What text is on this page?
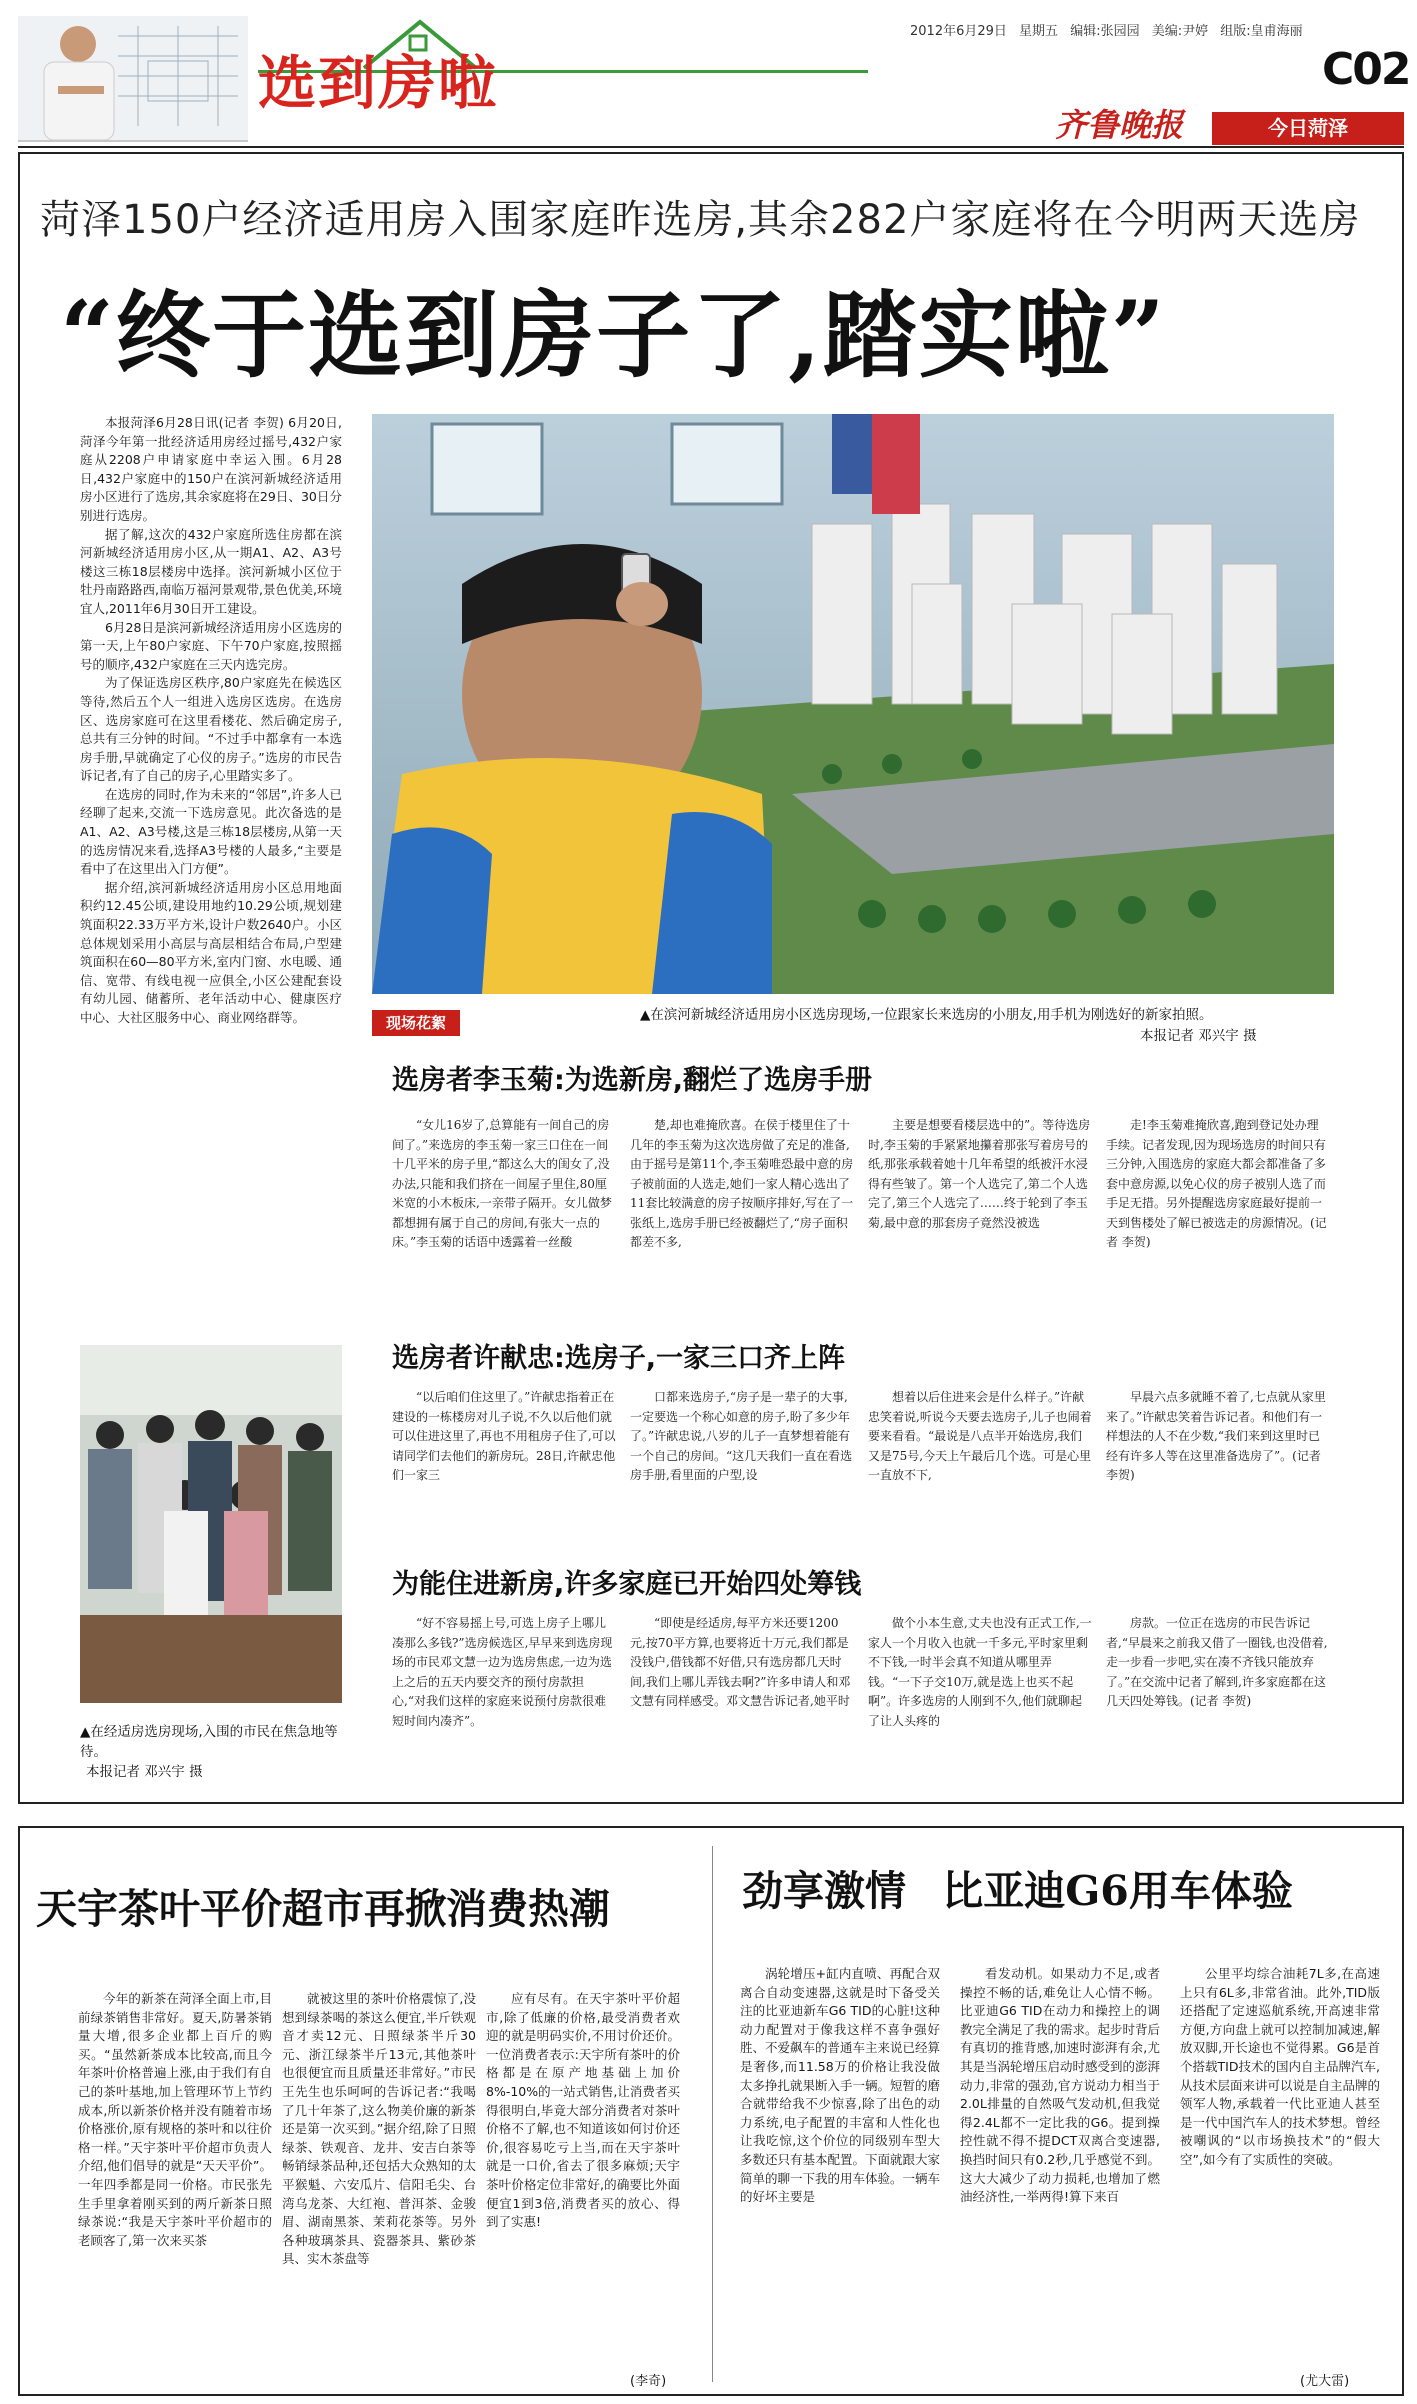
选到房啦
2012年6月29日 星期五 编辑:张园园 美编:尹婷 组版:皇甫海丽
C02
齐鲁晚报	今日菏泽
菏泽150户经济适用房入围家庭昨选房,其余282户家庭将在今明两天选房
“终于选到房子了,踏实啦”

本报菏泽6月28日讯(记者 李贺) 6月20日,菏泽今年第一批经济适用房经过摇号,432户家庭从2208户申请家庭中幸运入围。6月28日,432户家庭中的150户在滨河新城经济适用房小区进行了选房,其余家庭将在29日、30日分别进行选房。

据了解,这次的432户家庭所选住房都在滨河新城经济适用房小区,从一期A1、A2、A3号楼这三栋18层楼房中选择。滨河新城小区位于牡丹南路路西,南临万福河景观带,景色优美,环境宜人,2011年6月30日开工建设。

6月28日是滨河新城经济适用房小区选房的第一天,上午80户家庭、下午70户家庭,按照摇号的顺序,432户家庭在三天内选完房。

为了保证选房区秩序,80户家庭先在候选区等待,然后五个人一组进入选房区选房。在选房区、选房家庭可在这里看楼花、然后确定房子,总共有三分钟的时间。“不过手中都拿有一本选房手册,早就确定了心仪的房子。”选房的市民告诉记者,有了自己的房子,心里踏实多了。

在选房的同时,作为未来的“邻居”,许多人已经聊了起来,交流一下选房意见。此次备选的是A1、A2、A3号楼,这是三栋18层楼房,从第一天的选房情况来看,选择A3号楼的人最多,“主要是看中了在这里出入门方便”。

据介绍,滨河新城经济适用房小区总用地面积约12.45公顷,建设用地约10.29公顷,规划建筑面积22.33万平方米,设计户数2640户。小区总体规划采用小高层与高层相结合布局,户型建筑面积在60—80平方米,室内门窗、水电暖、通信、宽带、有线电视一应俱全,小区公建配套设有幼儿园、储蓄所、老年活动中心、健康医疗中心、大社区服务中心、商业网络群等。	现场花絮	▲在滨河新城经济适用房小区选房现场,一位跟家长来选房的小朋友,用手机为刚选好的新家拍照。
本报记者 邓兴宇 摄
选房者李玉菊:为选新房,翻烂了选房手册

“女儿16岁了,总算能有一间自己的房间了。”来选房的李玉菊一家三口住在一间十几平米的房子里,“都这么大的闺女了,没办法,只能和我们挤在一间屋子里住,80厘米宽的小木板床,一亲带子隔开。女儿做梦都想拥有属于自己的房间,有张大一点的床。”李玉菊的话语中透露着一丝酸

楚,却也难掩欣喜。在侯于楼里住了十几年的李玉菊为这次选房做了充足的准备,由于摇号是第11个,李玉菊唯恐最中意的房子被前面的人选走,她们一家人精心选出了11套比较满意的房子按顺序排好,写在了一张纸上,选房手册已经被翻烂了,“房子面积都差不多,

主要是想要看楼层选中的”。等待选房时,李玉菊的手紧紧地攥着那张写着房号的纸,那张承载着她十几年希望的纸被汗水浸得有些皱了。第一个人选完了,第二个人选完了,第三个人选完了……终于轮到了李玉菊,最中意的那套房子竟然没被选

走!李玉菊难掩欣喜,跑到登记处办理手续。记者发现,因为现场选房的时间只有三分钟,入围选房的家庭大都会都准备了多套中意房源,以免心仪的房子被别人选了而手足无措。另外提醒选房家庭最好提前一天到售楼处了解已被选走的房源情况。(记者 李贺)

选房者许献忠:选房子,一家三口齐上阵

“以后咱们住这里了。”许献忠指着正在建设的一栋楼房对儿子说,不久以后他们就可以住进这里了,再也不用租房子住了,可以请同学们去他们的新房玩。28日,许献忠他们一家三

口都来选房子,“房子是一辈子的大事,一定要选一个称心如意的房子,盼了多少年了。”许献忠说,八岁的儿子一直梦想着能有一个自己的房间。“这几天我们一直在看选房手册,看里面的户型,设

想着以后住进来会是什么样子。”许献忠笑着说,听说今天要去选房子,儿子也闹着要来看看。“最说是八点半开始选房,我们又是75号,今天上午最后几个选。可是心里一直放不下,

早晨六点多就睡不着了,七点就从家里来了。”许献忠笑着告诉记者。和他们有一样想法的人不在少数,“我们来到这里时已经有许多人等在这里准备选房了”。(记者 李贺)

为能住进新房,许多家庭已开始四处筹钱

“好不容易摇上号,可选上房子上哪儿凑那么多钱?”选房候选区,早早来到选房现场的市民邓文慧一边为选房焦虑,一边为选上之后的五天内要交齐的预付房款担心,“对我们这样的家庭来说预付房款很难短时间内凑齐”。

“即使是经适房,每平方米还要1200元,按70平方算,也要将近十万元,我们都是没钱户,借钱都不好借,只有选房都几天时间,我们上哪儿弄钱去啊?”许多申请人和邓文慧有同样感受。邓文慧告诉记者,她平时

做个小本生意,丈夫也没有正式工作,一家人一个月收入也就一千多元,平时家里剩不下钱,一时半会真不知道从哪里弄钱。“一下子交10万,就是选上也买不起啊”。许多选房的人刚到不久,他们就聊起了让人头疼的

房款。一位正在选房的市民告诉记者,“早晨来之前我又借了一圈钱,也没借着,走一步看一步吧,实在凑不齐钱只能放弃了。”在交流中记者了解到,许多家庭都在这几天四处筹钱。(记者 李贺)

▲在经适房选房现场,入围的市民在焦急地等待。
本报记者 邓兴宇 摄
天宇茶叶平价超市再掀消费热潮

今年的新茶在菏泽全面上市,目前绿茶销售非常好。夏天,防暑茶销量大增,很多企业都上百斤的购买。“虽然新茶成本比较高,而且今年茶叶价格普遍上涨,由于我们有自己的茶叶基地,加上管理环节上节约成本,所以新茶价格并没有随着市场价格涨价,原有规格的茶叶和以往价格一样。”天宇茶叶平价超市负责人介绍,他们倡导的就是“天天平价”。一年四季都是同一价格。市民张先生手里拿着刚买到的两斤新茶日照绿茶说:“我是天宇茶叶平价超市的老顾客了,第一次来买茶

就被这里的茶叶价格震惊了,没想到绿茶喝的茶这么便宜,半斤铁观音才卖12元、日照绿茶半斤30元、浙江绿茶半斤13元,其他茶叶也很便宜而且质量还非常好。”市民王先生也乐呵呵的告诉记者:“我喝了几十年茶了,这么物美价廉的新茶还是第一次买到。”据介绍,除了日照绿茶、铁观音、龙井、安吉白茶等畅销绿茶品种,还包括大众熟知的太平猴魁、六安瓜片、信阳毛尖、台湾乌龙茶、大红袍、普洱茶、金骏眉、湖南黑茶、茉莉花茶等。另外各种玻璃茶具、瓷器茶具、紫砂茶具、实木茶盘等

应有尽有。在天宇茶叶平价超市,除了低廉的价格,最受消费者欢迎的就是明码实价,不用讨价还价。一位消费者表示:天宇所有茶叶的价格都是在原产地基础上加价8%-10%的一站式销售,让消费者买得很明白,毕竟大部分消费者对茶叶价格不了解,也不知道该如何讨价还价,很容易吃亏上当,而在天宇茶叶就是一口价,省去了很多麻烦;天宇茶叶价格定位非常好,的确要比外面便宜1到3倍,消费者买的放心、得到了实惠!

(李奇)
劲享激情 比亚迪G6用车体验

涡轮增压+缸内直喷、再配合双离合自动变速器,这就是时下备受关注的比亚迪新车G6 TID的心脏!这种动力配置对于像我这样不喜争强好胜、不爱飙车的普通车主来说已经算是奢侈,而11.58万的价格让我没做太多挣扎就果断入手一辆。短暂的磨合就带给我不少惊喜,除了出色的动力系统,电子配置的丰富和人性化也让我吃惊,这个价位的同级别车型大多数还只有基本配置。下面就跟大家简单的聊一下我的用车体验。一辆车的好坏主要是

看发动机。如果动力不足,或者操控不畅的话,难免让人心情不畅。比亚迪G6 TID在动力和操控上的调教完全满足了我的需求。起步时背后有真切的推背感,加速时澎湃有余,尤其是当涡轮增压启动时感受到的澎湃动力,非常的强劲,官方说动力相当于2.0L排量的自然吸气发动机,但我觉得2.4L都不一定比我的G6。提到操控性就不得不提DCT双离合变速器,换挡时间只有0.2秒,几乎感觉不到。这大大减少了动力损耗,也增加了燃油经济性,一举两得!算下来百

公里平均综合油耗7L多,在高速上只有6L多,非常省油。此外,TID版还搭配了定速巡航系统,开高速非常方便,方向盘上就可以控制加减速,解放双脚,开长途也不觉得累。G6是首个搭载TID技术的国内自主品牌汽车,从技术层面来讲可以说是自主品牌的领军人物,承载着一代比亚迪人甚至是一代中国汽车人的技术梦想。曾经被嘲讽的“以市场换技术”的“假大空”,如今有了实质性的突破。

(尤大雷)
